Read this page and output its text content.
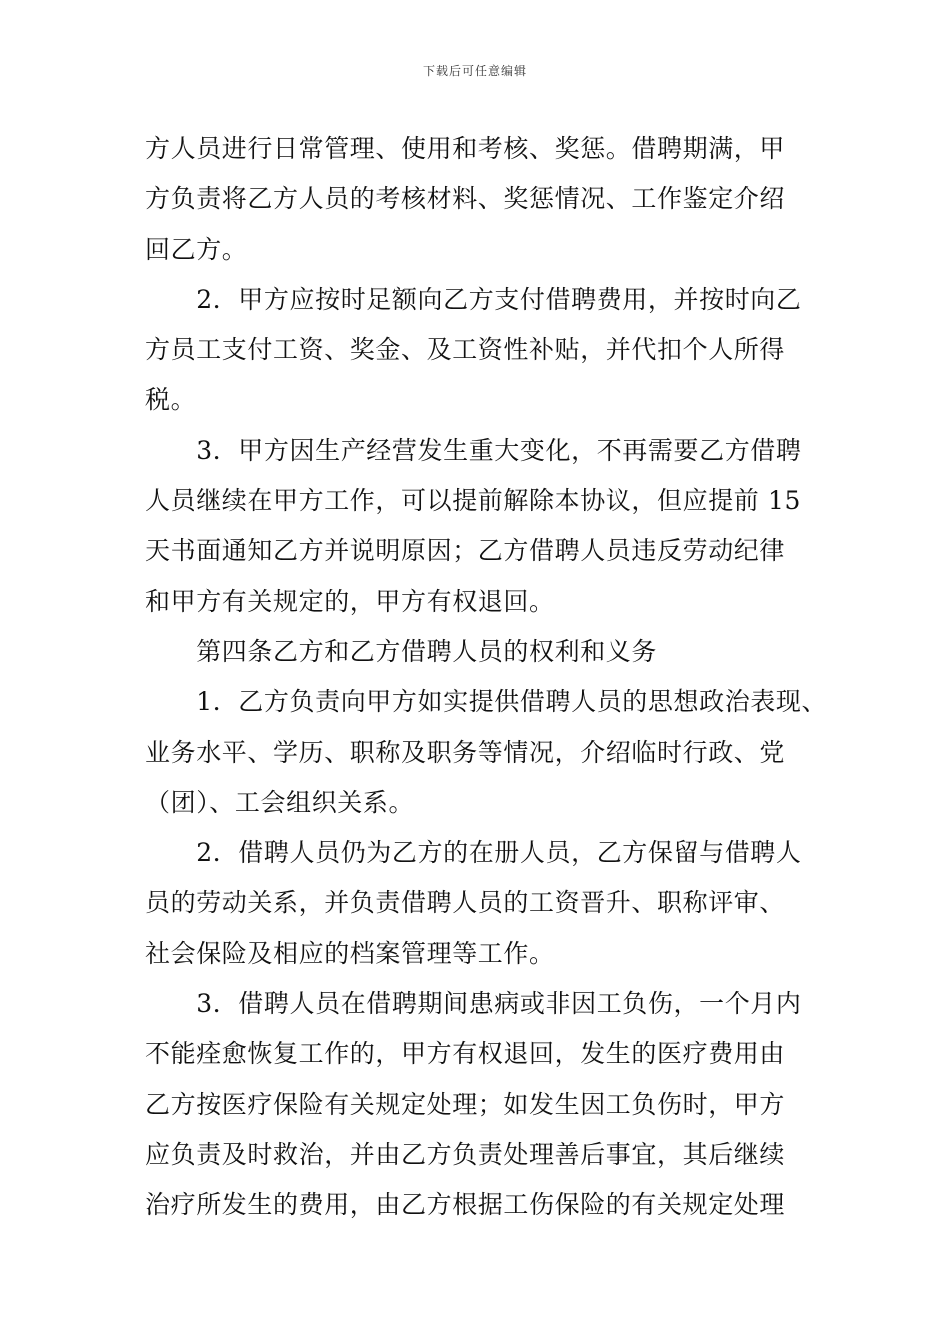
下载后可任意编辑
方人员进行日常管理、使用和考核、奖惩。借聘期满，甲
方负责将乙方人员的考核材料、奖惩情况、工作鉴定介绍
回乙方。
　　2．甲方应按时足额向乙方支付借聘费用，并按时向乙
方员工支付工资、奖金、及工资性补贴，并代扣个人所得
税。
　　3．甲方因生产经营发生重大变化，不再需要乙方借聘
人员继续在甲方工作，可以提前解除本协议，但应提前 15
天书面通知乙方并说明原因；乙方借聘人员违反劳动纪律
和甲方有关规定的，甲方有权退回。
　　第四条乙方和乙方借聘人员的权利和义务
　　1．乙方负责向甲方如实提供借聘人员的思想政治表现、
业务水平、学历、职称及职务等情况，介绍临时行政、党
（团）、工会组织关系。
　　2．借聘人员仍为乙方的在册人员，乙方保留与借聘人
员的劳动关系，并负责借聘人员的工资晋升、职称评审、
社会保险及相应的档案管理等工作。
　　3．借聘人员在借聘期间患病或非因工负伤，一个月内
不能痊愈恢复工作的，甲方有权退回，发生的医疗费用由
乙方按医疗保险有关规定处理；如发生因工负伤时，甲方
应负责及时救治，并由乙方负责处理善后事宜，其后继续
治疗所发生的费用，由乙方根据工伤保险的有关规定处理
